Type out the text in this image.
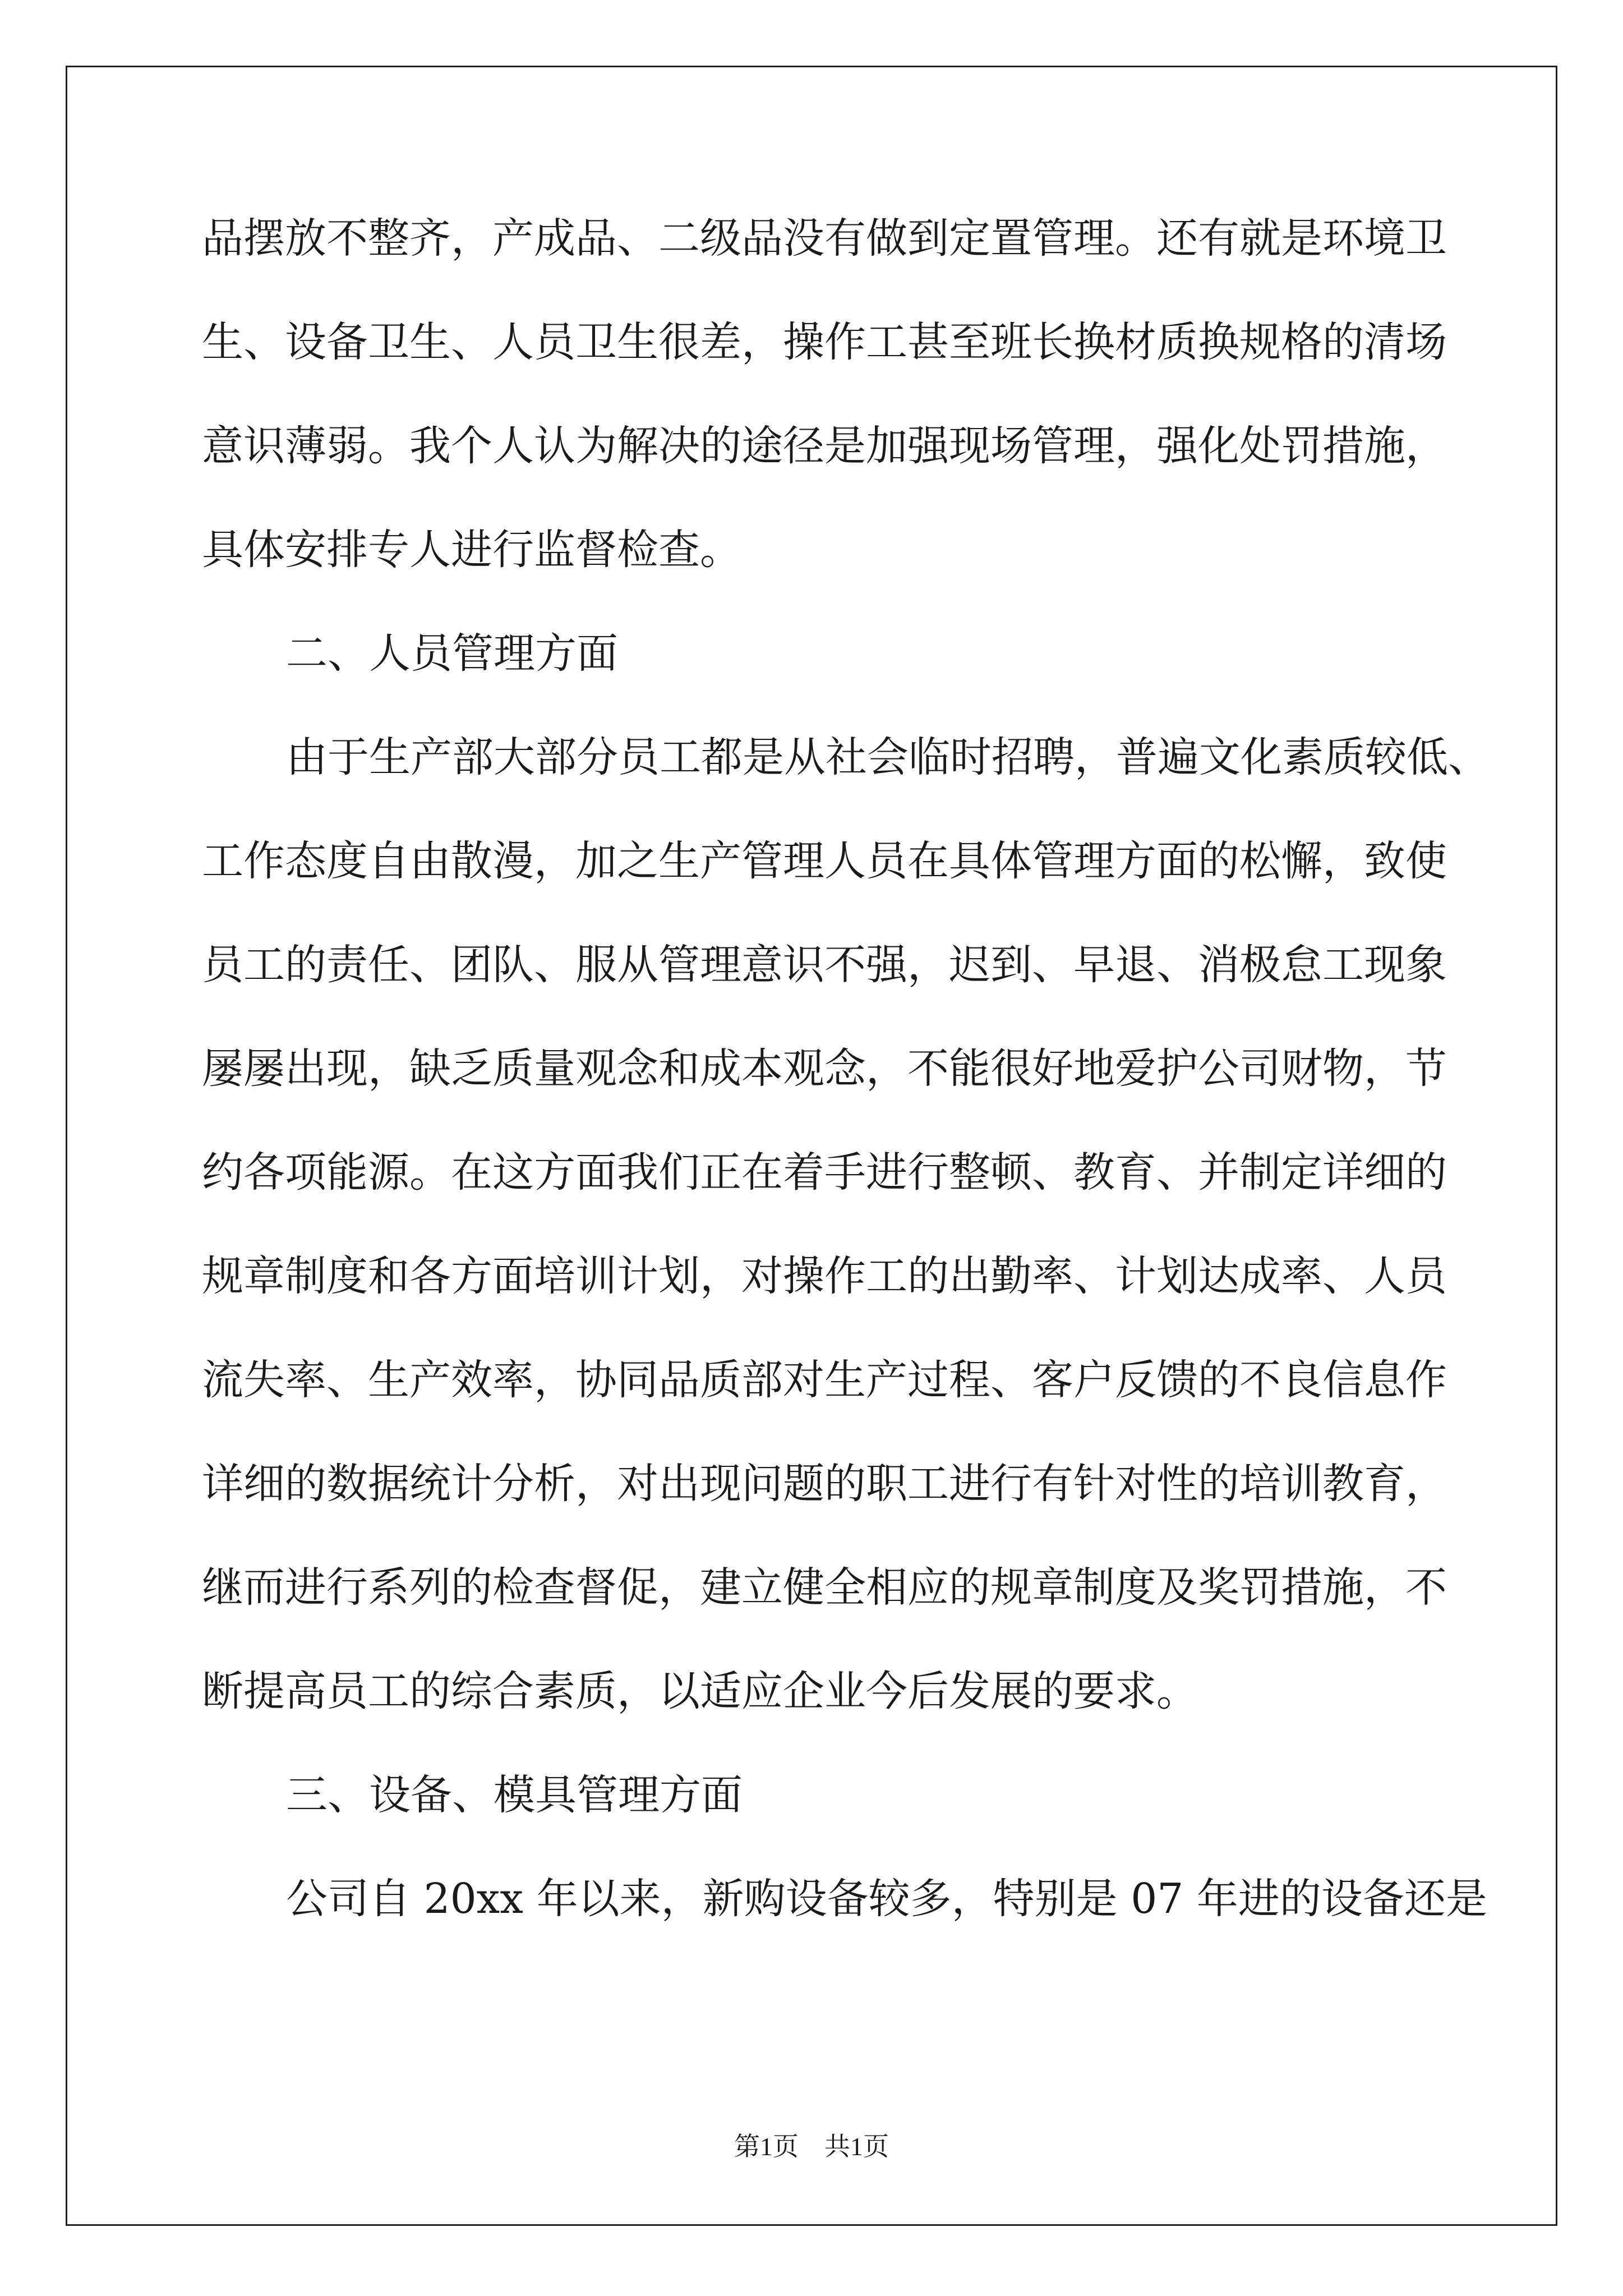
品摆放不整齐，产成品、二级品没有做到定置管理。还有就是环境卫
生、设备卫生、人员卫生很差，操作工甚至班长换材质换规格的清场
意识薄弱。我个人认为解决的途径是加强现场管理，强化处罚措施，
具体安排专人进行监督检查。
二、人员管理方面
由于生产部大部分员工都是从社会临时招聘，普遍文化素质较低、
工作态度自由散漫，加之生产管理人员在具体管理方面的松懈，致使
员工的责任、团队、服从管理意识不强，迟到、早退、消极怠工现象
屡屡出现，缺乏质量观念和成本观念，不能很好地爱护公司财物，节
约各项能源。在这方面我们正在着手进行整顿、教育、并制定详细的
规章制度和各方面培训计划，对操作工的出勤率、计划达成率、人员
流失率、生产效率，协同品质部对生产过程、客户反馈的不良信息作
详细的数据统计分析，对出现问题的职工进行有针对性的培训教育，
继而进行系列的检查督促，建立健全相应的规章制度及奖罚措施，不
断提高员工的综合素质，以适应企业今后发展的要求。
三、设备、模具管理方面
公司自 20xx 年以来，新购设备较多，特别是 07 年进的设备还是
第1页　共1页
